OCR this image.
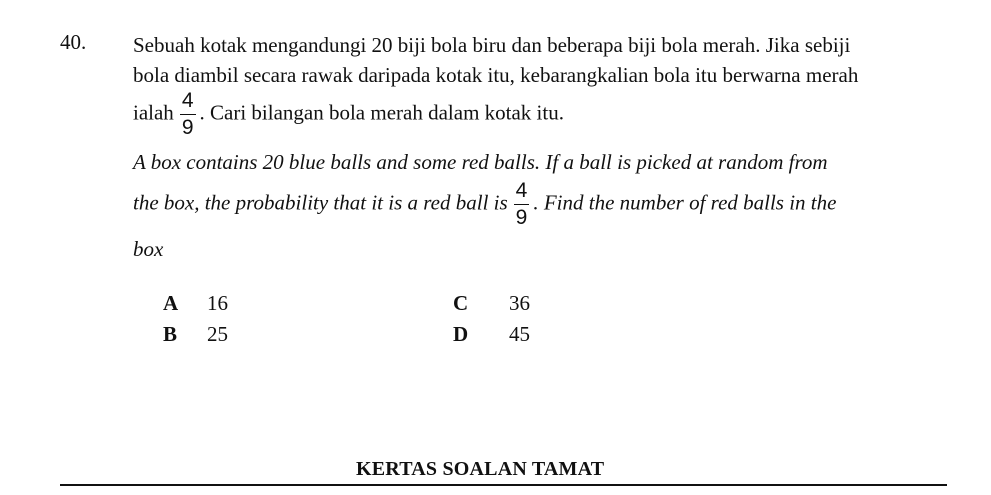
40. Sebuah kotak mengandungi 20 biji bola biru dan beberapa biji bola merah. Jika sebiji
bola diambil secara rawak daripada kotak itu, kebarangkalian bola itu berwarna merah
ialah $\frac{4}{9}$ . Cari bilangan bola merah dalam kotak itu.
A box contains 20 blue balls and some red balls. If a ball is picked at random from
the box, the probability that it is a red ball is $\frac{4}{9}$ . Find the number of red balls in the
box
A 16
B 25
C 36
D 45
KERTAS SOALAN TAMAT
